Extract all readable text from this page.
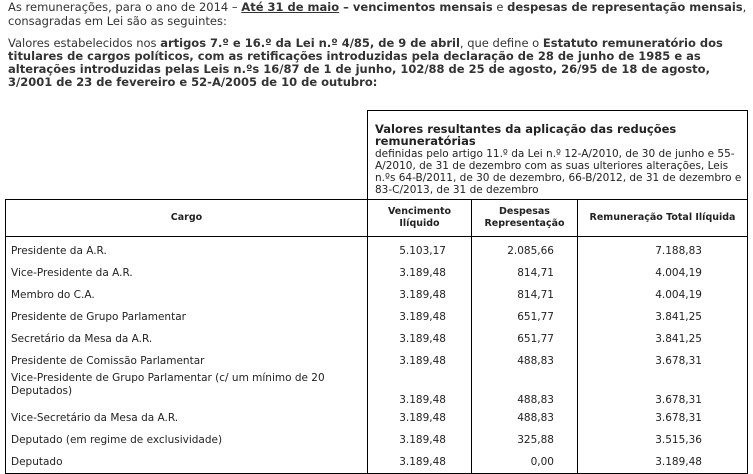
As remunerações, para o ano de 2014 – Até 31 de maio – vencimentos mensais e despesas de representação mensais, consagradas em Lei são as seguintes:
Valores estabelecidos nos artigos 7.º e 16.º da Lei n.º 4/85, de 9 de abril, que define o Estatuto remuneratório dos titulares de cargos políticos, com as retificações introduzidas pela declaração de 28 de junho de 1985 e as alterações introduzidas pelas Leis n.ºs 16/87 de 1 de junho, 102/88 de 25 de agosto, 26/95 de 18 de agosto, 3/2001 de 23 de fevereiro e 52-A/2005 de 10 de outubro:

	Valores resultantes da aplicação das reduções remuneratórias
definidas pelo artigo 11.º da Lei n.º 12-A/2010, de 30 de junho e 55-A/2010, de 31 de dezembro com as suas ulteriores alterações, Leis n.ºs 64-B/2011, de 30 de dezembro, 66-B/2012, de 31 de dezembro e 83-C/2013, de 31 de dezembro		
Cargo	Vencimento Ilíquido	Despesas Representação	Remuneração Total Ilíquida
Presidente da A.R.	5.103,17	2.085,66	7.188,83
Vice-Presidente da A.R.	3.189,48	814,71	4.004,19
Membro do C.A.	3.189,48	814,71	4.004,19
Presidente de Grupo Parlamentar	3.189,48	651,77	3.841,25
Secretário da Mesa da A.R.	3.189,48	651,77	3.841,25
Presidente de Comissão Parlamentar	3.189,48	488,83	3.678,31
Vice-Presidente de Grupo Parlamentar (c/ um mínimo de 20 Deputados)	3.189,48	488,83	3.678,31
Vice-Secretário da Mesa da A.R.	3.189,48	488,83	3.678,31
Deputado (em regime de exclusividade)	3.189,48	325,88	3.515,36
Deputado	3.189,48	0,00	3.189,48
